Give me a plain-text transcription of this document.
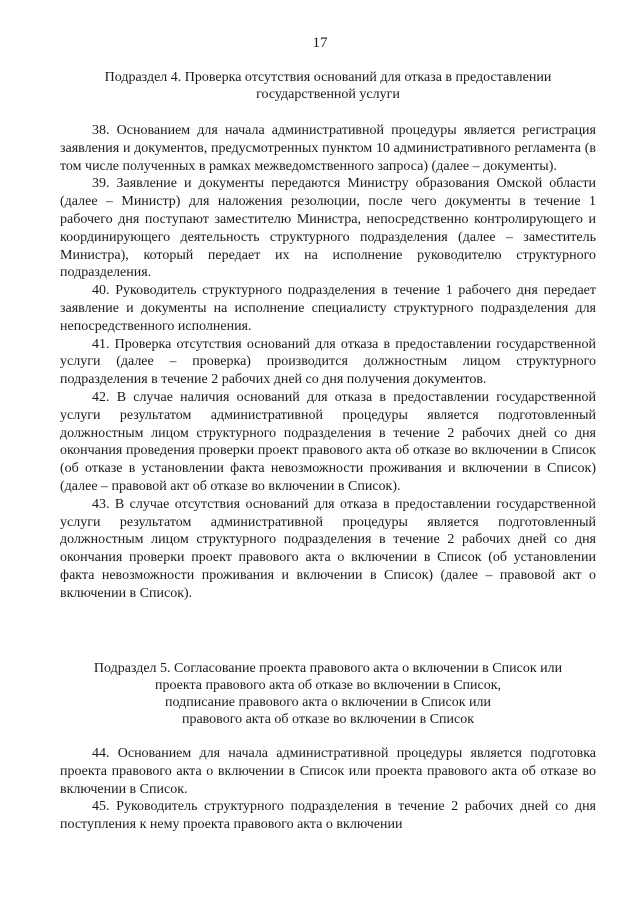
17
Подраздел 4. Проверка отсутствия оснований для отказа в предоставлении государственной услуги

38. Основанием для начала административной процедуры является регистрация заявления и документов, предусмотренных пунктом 10 административного регламента (в том числе полученных в рамках межведомственного запроса) (далее – документы).

39. Заявление и документы передаются Министру образования Омской области (далее – Министр) для наложения резолюции, после чего документы в течение 1 рабочего дня поступают заместителю Министра, непосредственно контролирующего и координирующего деятельность структурного подразделения (далее – заместитель Министра), который передает их на исполнение руководителю структурного подразделения.

40. Руководитель структурного подразделения в течение 1 рабочего дня передает заявление и документы на исполнение специалисту структурного подразделения для непосредственного исполнения.

41. Проверка отсутствия оснований для отказа в предоставлении государственной услуги (далее – проверка) производится должностным лицом структурного подразделения в течение 2 рабочих дней со дня получения документов.

42. В случае наличия оснований для отказа в предоставлении государственной услуги результатом административной процедуры является подготовленный должностным лицом структурного подразделения в течение 2 рабочих дней со дня окончания проведения проверки проект правового акта об отказе во включении в Список (об отказе в установлении факта невозможности проживания и включении в Список) (далее – правовой акт об отказе во включении в Список).

43. В случае отсутствия оснований для отказа в предоставлении государственной услуги результатом административной процедуры является подготовленный должностным лицом структурного подразделения в течение 2 рабочих дней со дня окончания проверки проект правового акта о включении в Список (об установлении факта невозможности проживания и включении в Список) (далее – правовой акт о включении в Список).

Подраздел 5. Согласование проекта правового акта о включении в Список или
проекта правового акта об отказе во включении в Список,
подписание правового акта о включении в Список или
правового акта об отказе во включении в Список

44. Основанием для начала административной процедуры является подготовка проекта правового акта о включении в Список или проекта правового акта об отказе во включении в Список.

45. Руководитель структурного подразделения в течение 2 рабочих дней со дня поступления к нему проекта правового акта о включении
